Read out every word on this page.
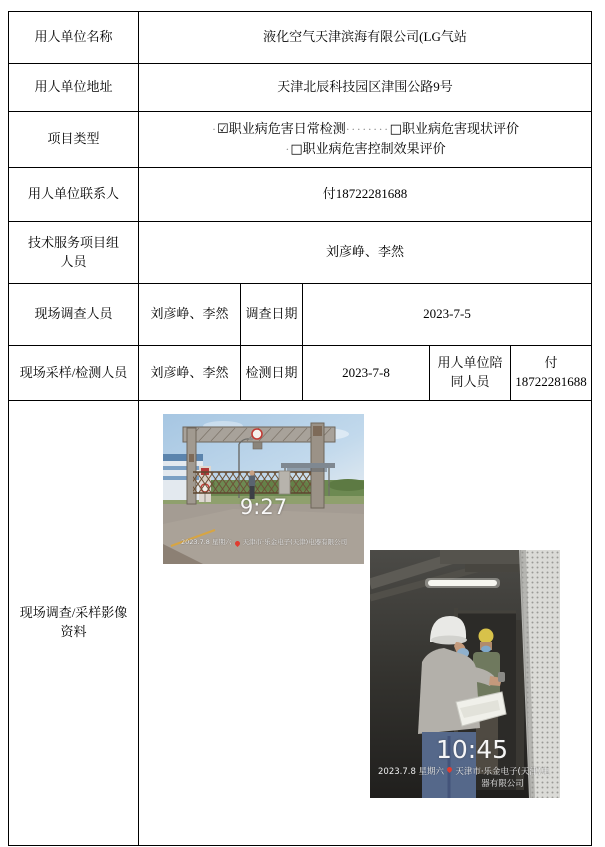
用人单位名称	液化空气天津滨海有限公司(LG气站				
用人单位地址	天津北辰科技园区津围公路9号				
项目类型	·☑职业病危害日常检测········□职业病危害现状评价
·□职业病危害控制效果评价				

用人单位联系人	付18722281688				

技术服务项目组
人员	刘彦峥、李然				
现场调查人员	刘彦峥、李然	调查日期	2023-7-5		
现场采样/检测人员	刘彦峥、李然	检测日期	2023-7-8	用人单位陪同人员	付18722281688

现场调查/采样影像
资料

9:27
2023.7.8 星期六 天津市·乐金电子(天津)电器有限公司
10:45
2023.7.8 星期六 天津市·乐金电子(天津)电器有限公司
